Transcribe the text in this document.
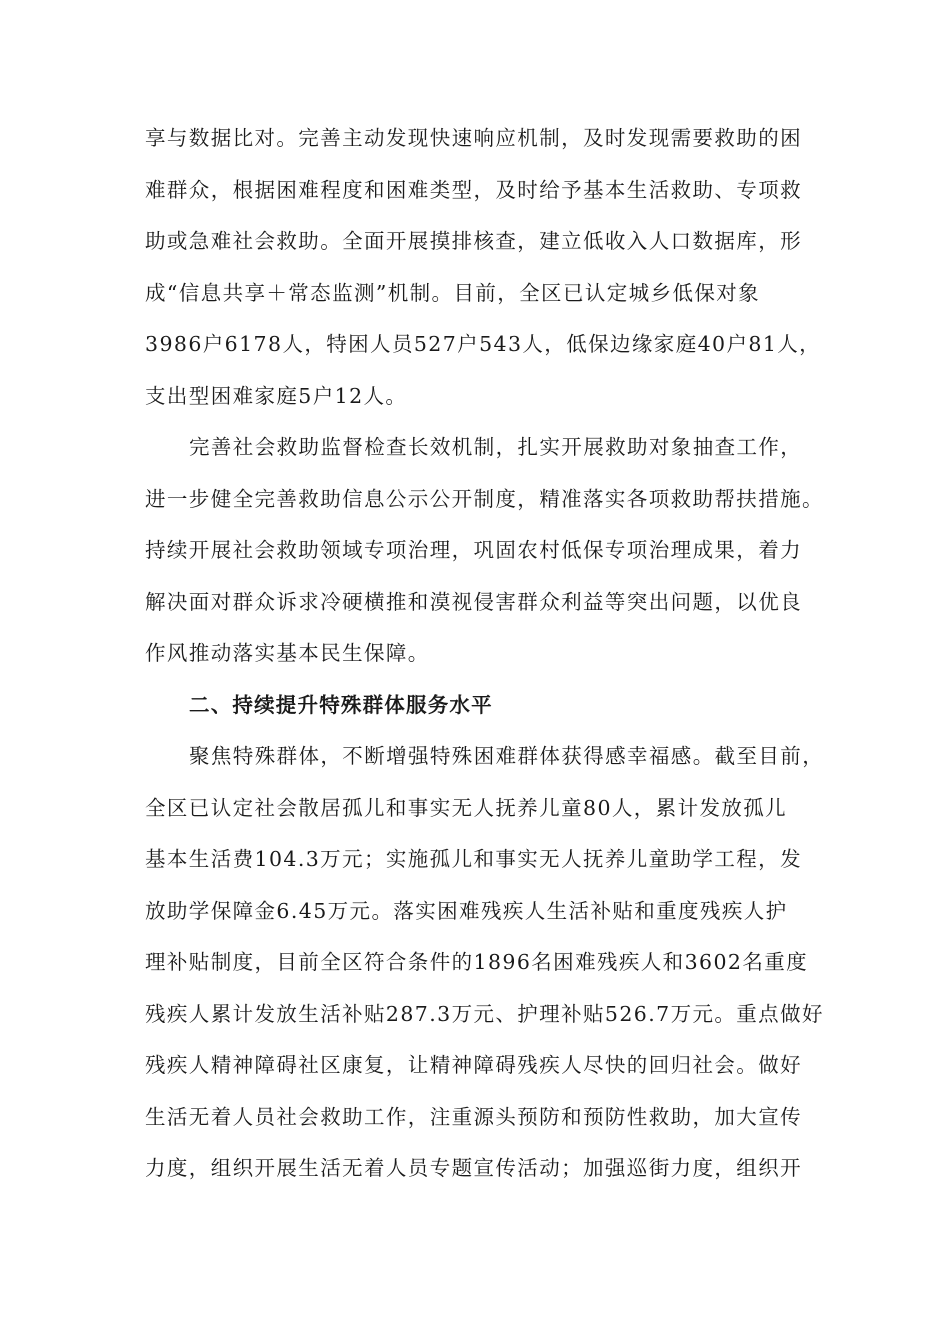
享与数据比对。完善主动发现快速响应机制，及时发现需要救助的困
难群众，根据困难程度和困难类型，及时给予基本生活救助、专项救
助或急难社会救助。全面开展摸排核查，建立低收入人口数据库，形
成“信息共享＋常态监测”机制。目前，全区已认定城乡低保对象
3986户6178人，特困人员527户543人，低保边缘家庭40户81人，
支出型困难家庭5户12人。
完善社会救助监督检查长效机制，扎实开展救助对象抽查工作，
进一步健全完善救助信息公示公开制度，精准落实各项救助帮扶措施。
持续开展社会救助领域专项治理，巩固农村低保专项治理成果，着力
解决面对群众诉求冷硬横推和漠视侵害群众利益等突出问题，以优良
作风推动落实基本民生保障。
二、持续提升特殊群体服务水平
聚焦特殊群体，不断增强特殊困难群体获得感幸福感。截至目前，
全区已认定社会散居孤儿和事实无人抚养儿童80人，累计发放孤儿
基本生活费104.3万元；实施孤儿和事实无人抚养儿童助学工程，发
放助学保障金6.45万元。落实困难残疾人生活补贴和重度残疾人护
理补贴制度，目前全区符合条件的1896名困难残疾人和3602名重度
残疾人累计发放生活补贴287.3万元、护理补贴526.7万元。重点做好
残疾人精神障碍社区康复，让精神障碍残疾人尽快的回归社会。做好
生活无着人员社会救助工作，注重源头预防和预防性救助，加大宣传
力度，组织开展生活无着人员专题宣传活动；加强巡街力度，组织开
